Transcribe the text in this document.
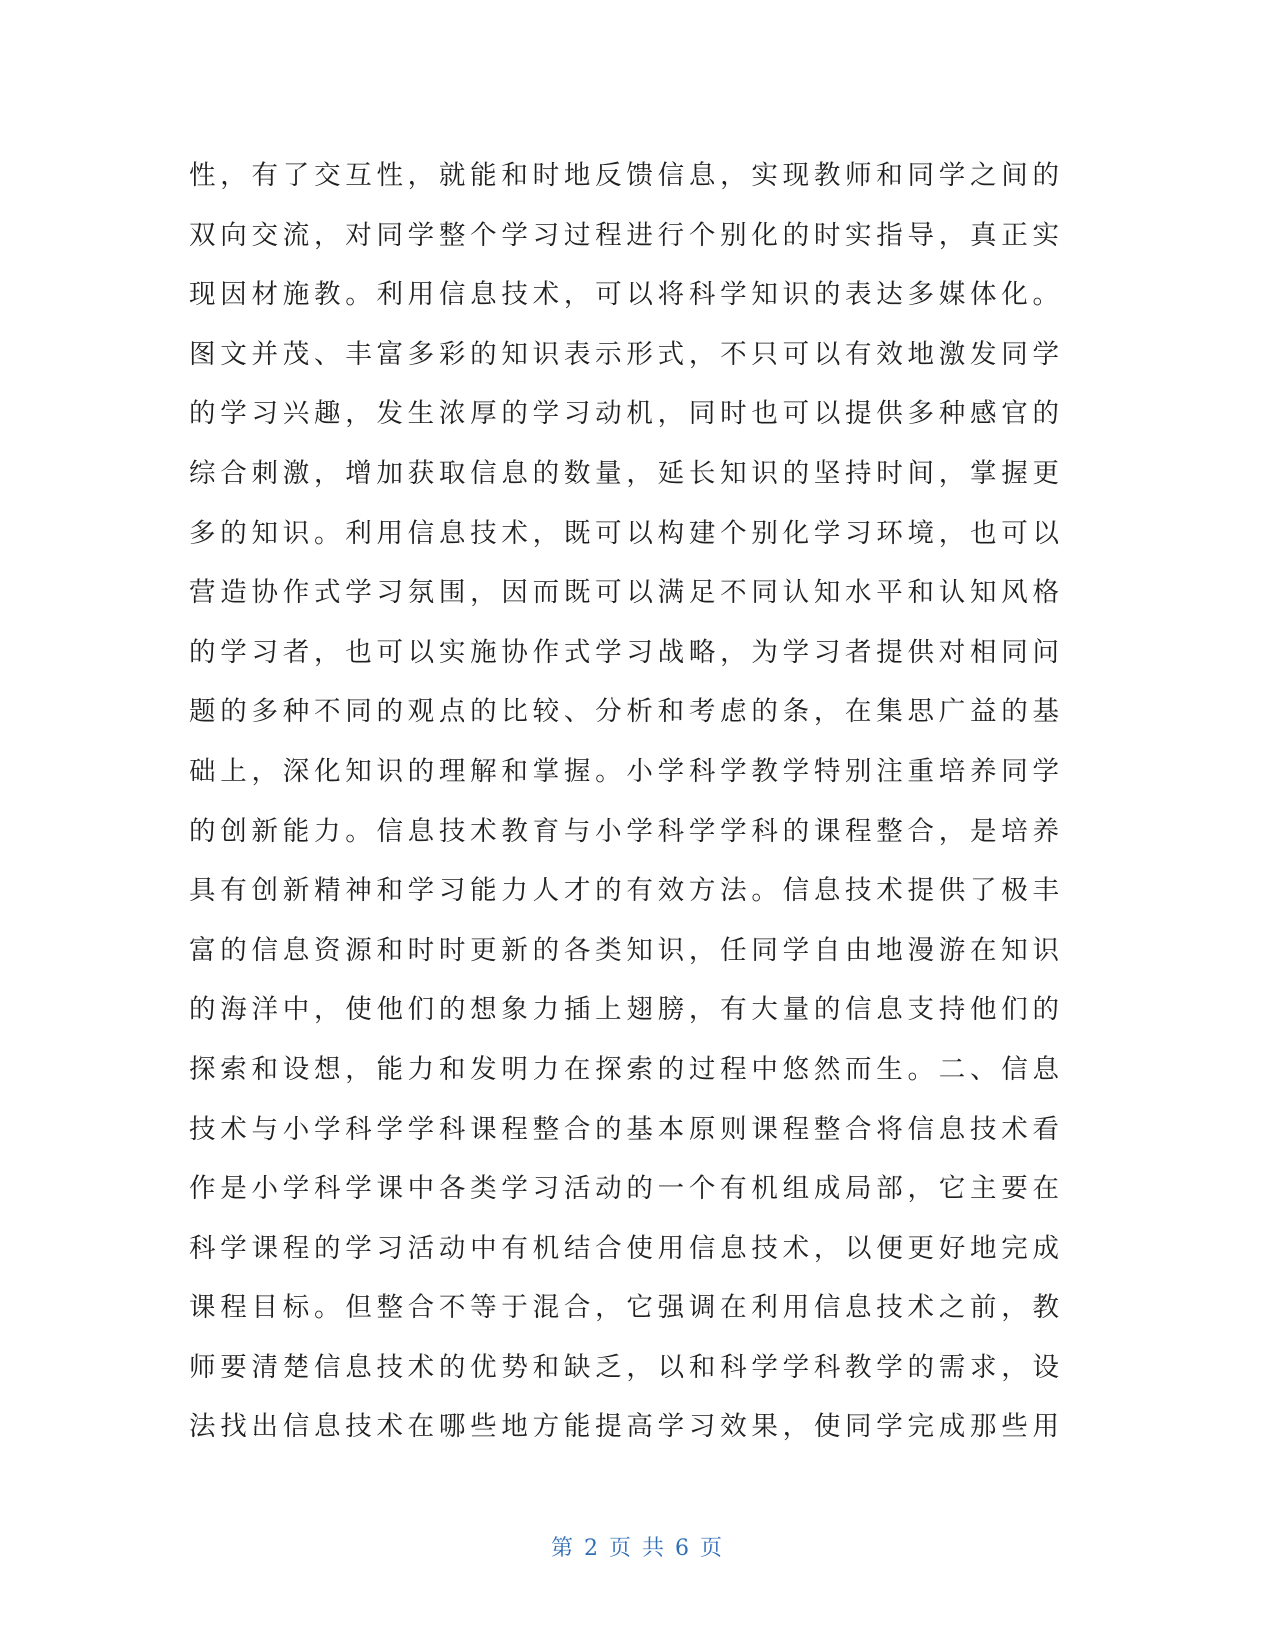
性，有了交互性，就能和时地反馈信息，实现教师和同学之间的
双向交流，对同学整个学习过程进行个别化的时实指导，真正实
现因材施教。利用信息技术，可以将科学知识的表达多媒体化。
图文并茂、丰富多彩的知识表示形式，不只可以有效地激发同学
的学习兴趣，发生浓厚的学习动机，同时也可以提供多种感官的
综合刺激，增加获取信息的数量，延长知识的坚持时间，掌握更
多的知识。利用信息技术，既可以构建个别化学习环境，也可以
营造协作式学习氛围，因而既可以满足不同认知水平和认知风格
的学习者，也可以实施协作式学习战略，为学习者提供对相同问
题的多种不同的观点的比较、分析和考虑的条，在集思广益的基
础上，深化知识的理解和掌握。小学科学教学特别注重培养同学
的创新能力。信息技术教育与小学科学学科的课程整合，是培养
具有创新精神和学习能力人才的有效方法。信息技术提供了极丰
富的信息资源和时时更新的各类知识，任同学自由地漫游在知识
的海洋中，使他们的想象力插上翅膀，有大量的信息支持他们的
探索和设想，能力和发明力在探索的过程中悠然而生。二、信息
技术与小学科学学科课程整合的基本原则课程整合将信息技术看
作是小学科学课中各类学习活动的一个有机组成局部，它主要在
科学课程的学习活动中有机结合使用信息技术，以便更好地完成
课程目标。但整合不等于混合，它强调在利用信息技术之前，教
师要清楚信息技术的优势和缺乏，以和科学学科教学的需求，设
法找出信息技术在哪些地方能提高学习效果，使同学完成那些用
第 2 页 共 6 页
